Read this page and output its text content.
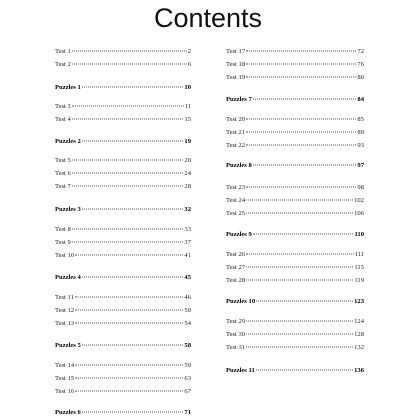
Contents
Test 1	2
Test 2	6
Puzzles 1	10
Test 3	11
Test 4	15
Puzzles 2	19
Test 5	20
Test 6	24
Test 7	28
Puzzles 3	32
Test 8	33
Test 9	37
Test 10	41
Puzzles 4	45
Test 11	46
Test 12	50
Test 13	54
Puzzles 5	58
Test 14	59
Test 15	63
Test 16	67
Puzzles 6	71
Test 17	72
Test 18	76
Test 19	80
Puzzles 7	84
Test 20	85
Test 21	89
Test 22	93
Puzzles 8	97
Test 23	98
Test 24	102
Test 25	106
Puzzles 9	110
Test 26	111
Test 27	115
Test 28	119
Puzzles 10	123
Test 29	124
Test 30	128
Test 31	132
Puzzles 11	136
